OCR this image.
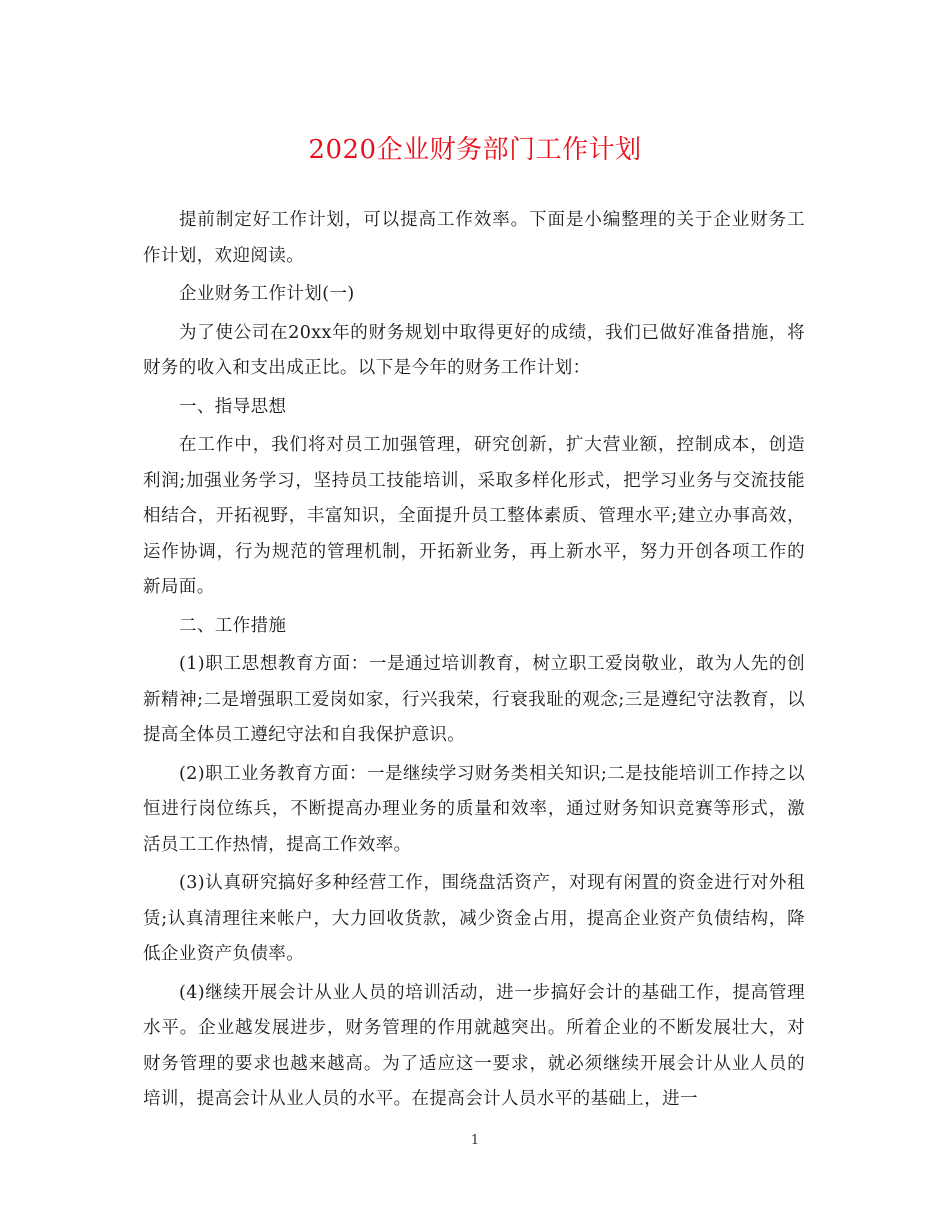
2020企业财务部门工作计划

提前制定好工作计划，可以提高工作效率。下面是小编整理的关于企业财务工作计划，欢迎阅读。

企业财务工作计划(一)

为了使公司在20xx年的财务规划中取得更好的成绩，我们已做好准备措施，将财务的收入和支出成正比。以下是今年的财务工作计划：

一、指导思想

在工作中，我们将对员工加强管理，研究创新，扩大营业额，控制成本，创造利润;加强业务学习，坚持员工技能培训，采取多样化形式，把学习业务与交流技能相结合，开拓视野，丰富知识，全面提升员工整体素质、管理水平;建立办事高效，运作协调，行为规范的管理机制，开拓新业务，再上新水平，努力开创各项工作的新局面。

二、工作措施

(1)职工思想教育方面：一是通过培训教育，树立职工爱岗敬业，敢为人先的创新精神;二是增强职工爱岗如家，行兴我荣，行衰我耻的观念;三是遵纪守法教育，以提高全体员工遵纪守法和自我保护意识。

(2)职工业务教育方面：一是继续学习财务类相关知识;二是技能培训工作持之以恒进行岗位练兵，不断提高办理业务的质量和效率，通过财务知识竞赛等形式，激活员工工作热情，提高工作效率。

(3)认真研究搞好多种经营工作，围绕盘活资产，对现有闲置的资金进行对外租赁;认真清理往来帐户，大力回收货款，减少资金占用，提高企业资产负债结构，降低企业资产负债率。

(4)继续开展会计从业人员的培训活动，进一步搞好会计的基础工作，提高管理水平。企业越发展进步，财务管理的作用就越突出。所着企业的不断发展壮大，对财务管理的要求也越来越高。为了适应这一要求，就必须继续开展会计从业人员的培训，提高会计从业人员的水平。在提高会计人员水平的基础上，进一

1
